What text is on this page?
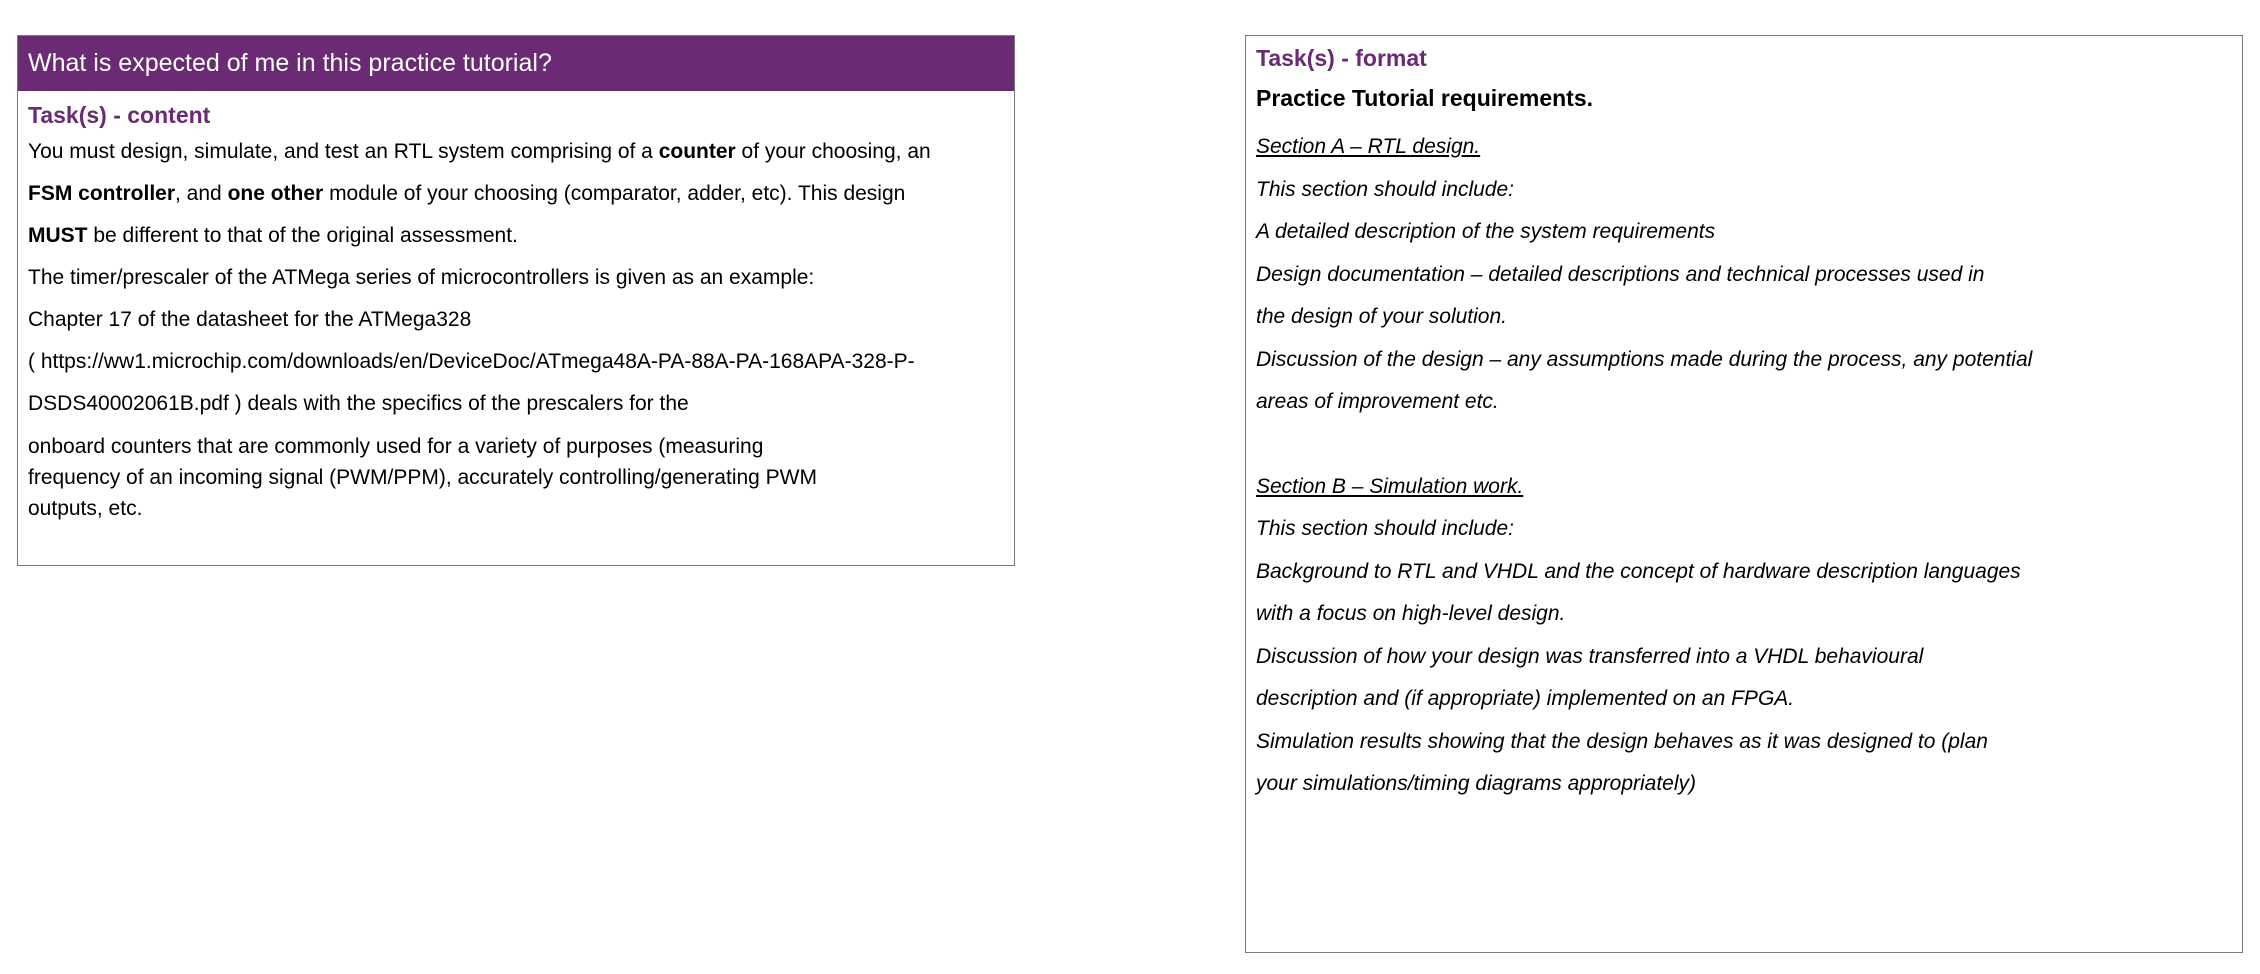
What is expected of me in this practice tutorial?
Task(s) - content
You must design, simulate, and test an RTL system comprising of a counter of your choosing, an
FSM controller, and one other module of your choosing (comparator, adder, etc). This design
MUST be different to that of the original assessment.
The timer/prescaler of the ATMega series of microcontrollers is given as an example:
Chapter 17 of the datasheet for the ATMega328
( https://ww1.microchip.com/downloads/en/DeviceDoc/ATmega48A-PA-88A-PA-168APA-328-P-
DSDS40002061B.pdf ) deals with the specifics of the prescalers for the
onboard counters that are commonly used for a variety of purposes (measuring
frequency of an incoming signal (PWM/PPM), accurately controlling/generating PWM
outputs, etc.
Task(s) - format
Practice Tutorial requirements.
Section A – RTL design.
This section should include:
A detailed description of the system requirements
Design documentation – detailed descriptions and technical processes used in
the design of your solution.
Discussion of the design – any assumptions made during the process, any potential
areas of improvement etc.
Section B – Simulation work.
This section should include:
Background to RTL and VHDL and the concept of hardware description languages
with a focus on high-level design.
Discussion of how your design was transferred into a VHDL behavioural
description and (if appropriate) implemented on an FPGA.
Simulation results showing that the design behaves as it was designed to (plan
your simulations/timing diagrams appropriately)
